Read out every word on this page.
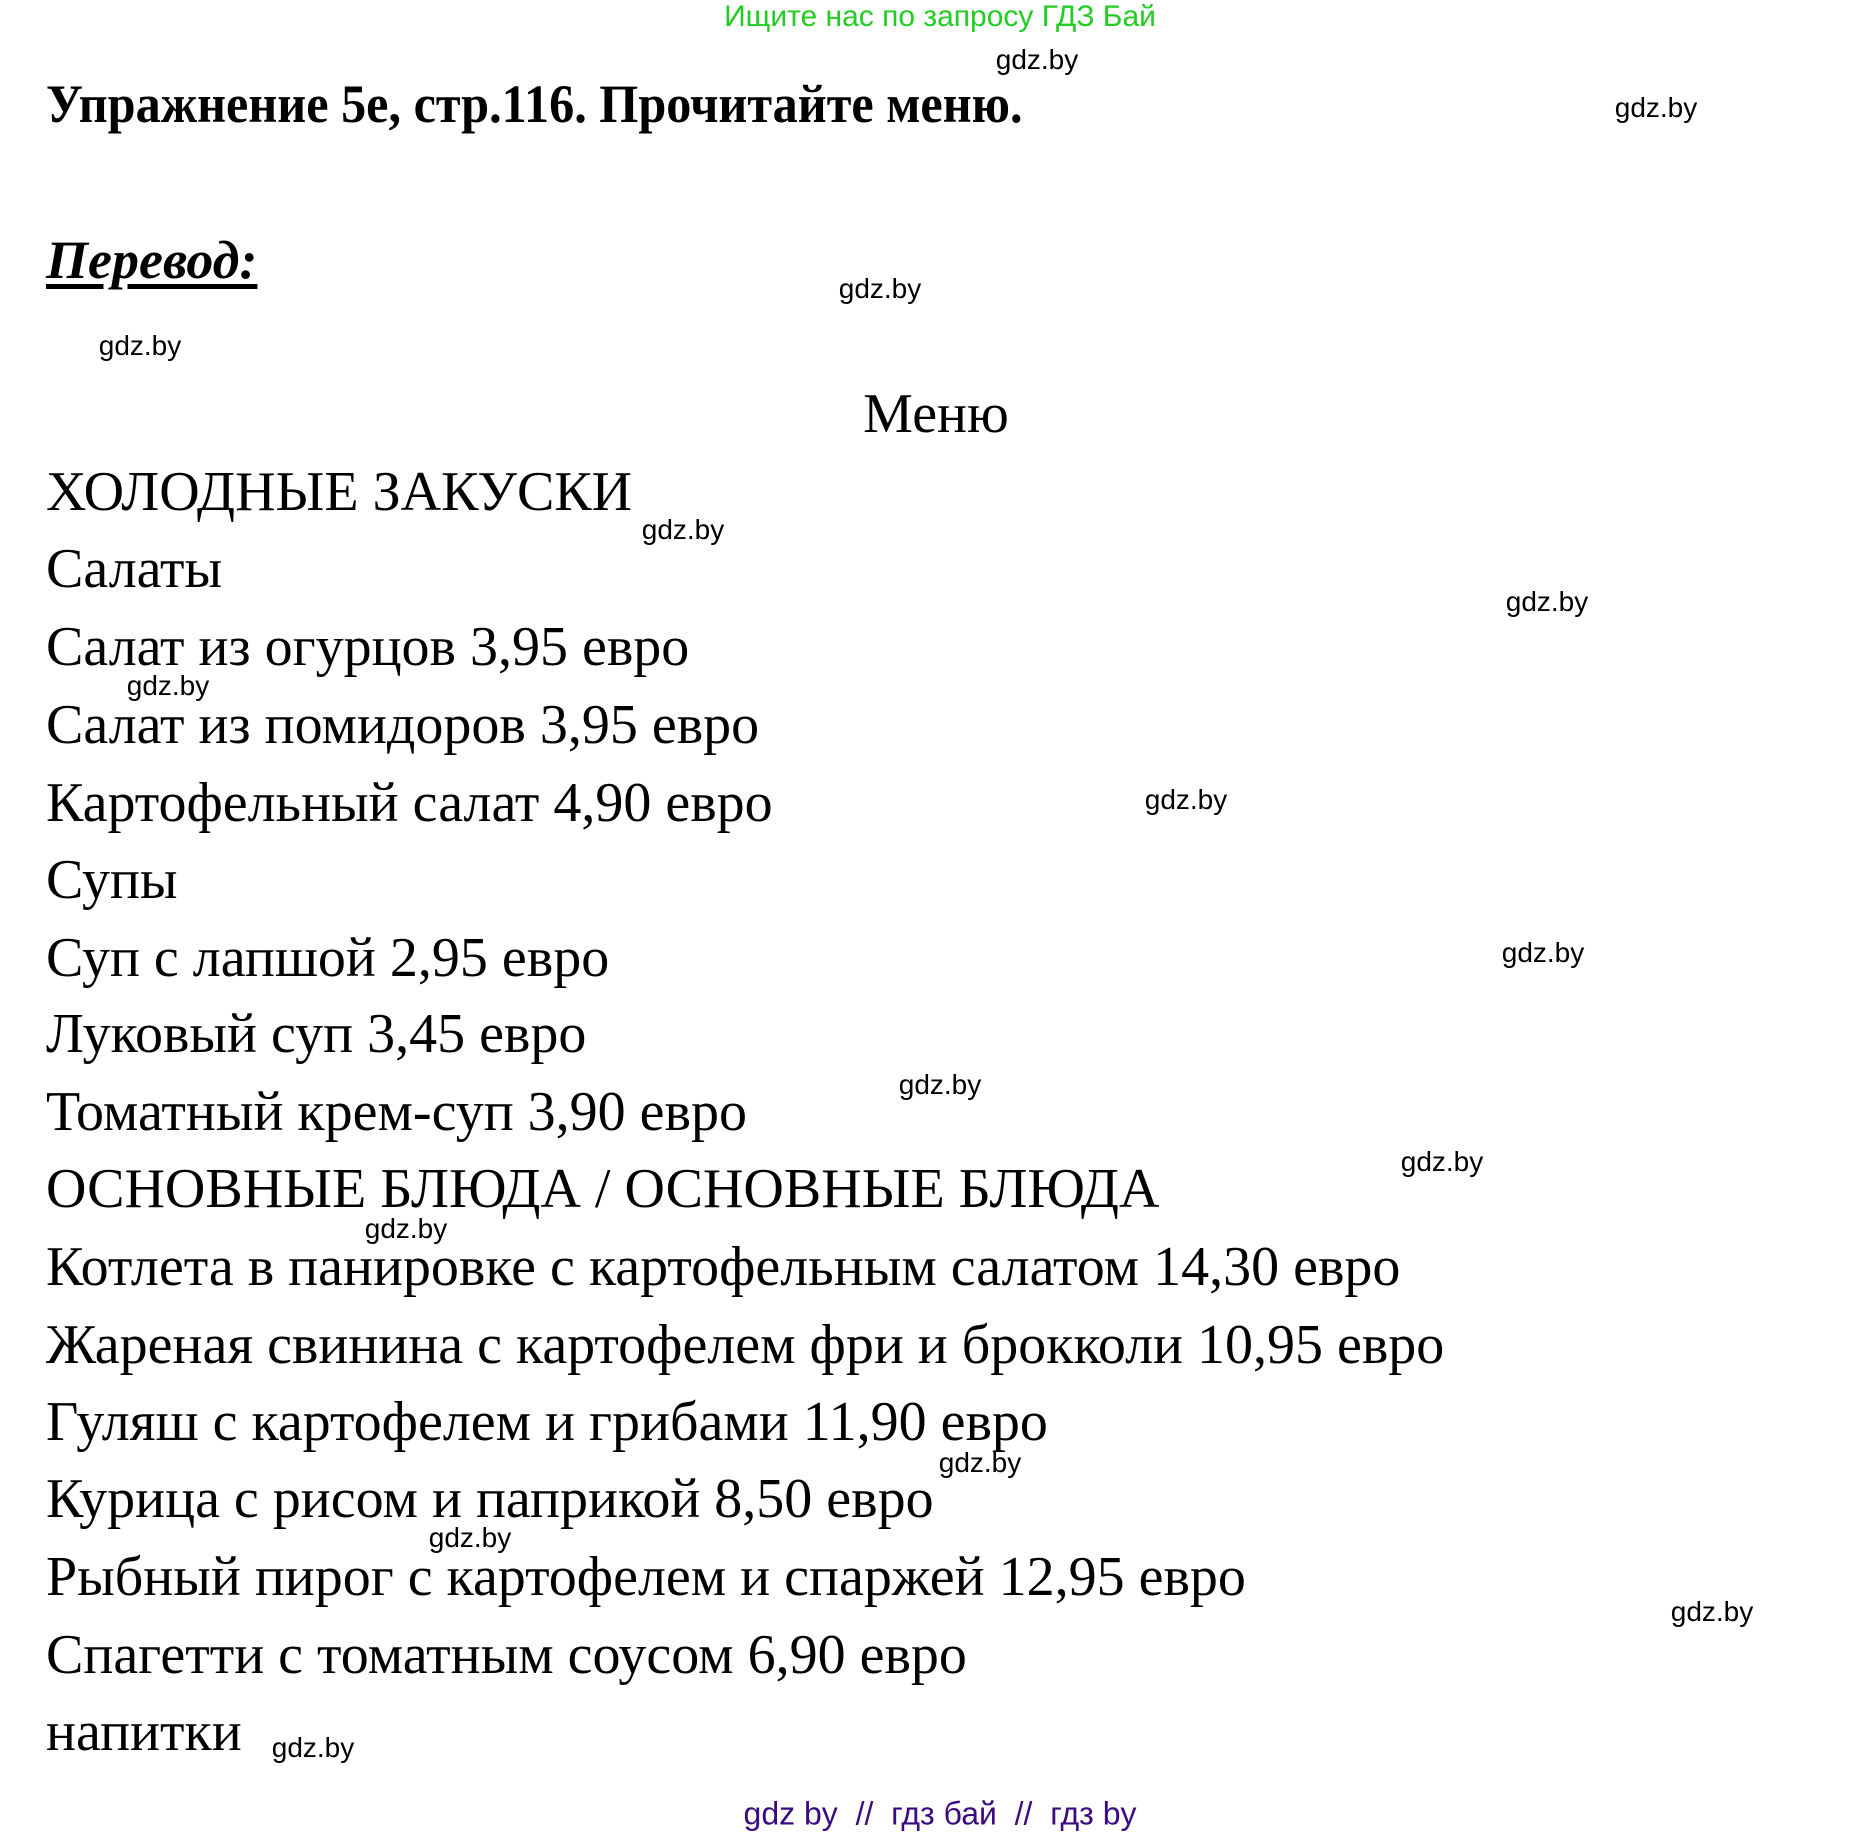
Ищите нас по запросу ГДЗ Бай
Упражнение 5е, стр.116. Прочитайте меню.
Перевод:
Меню
ХОЛОДНЫЕ ЗАКУСКИ
Салаты
Салат из огурцов 3,95 евро
Салат из помидоров 3,95 евро
Картофельный салат 4,90 евро
Супы
Суп с лапшой 2,95 евро
Луковый суп 3,45 евро
Томатный крем-суп 3,90 евро
ОСНОВНЫЕ БЛЮДА / ОСНОВНЫЕ БЛЮДА
Котлета в панировке с картофельным салатом 14,30 евро
Жареная свинина с картофелем фри и брокколи 10,95 евро
Гуляш с картофелем и грибами 11,90 евро
Курица с рисом и паприкой 8,50 евро
Рыбный пирог с картофелем и спаржей 12,95 евро
Спагетти с томатным соусом 6,90 евро
напитки
gdz.by
gdz.by
gdz.by
gdz.by
gdz.by
gdz.by
gdz.by
gdz.by
gdz.by
gdz.by
gdz.by
gdz.by
gdz.by
gdz.by
gdz.by
gdz.by
gdz by  //  гдз бай  //  гдз by
